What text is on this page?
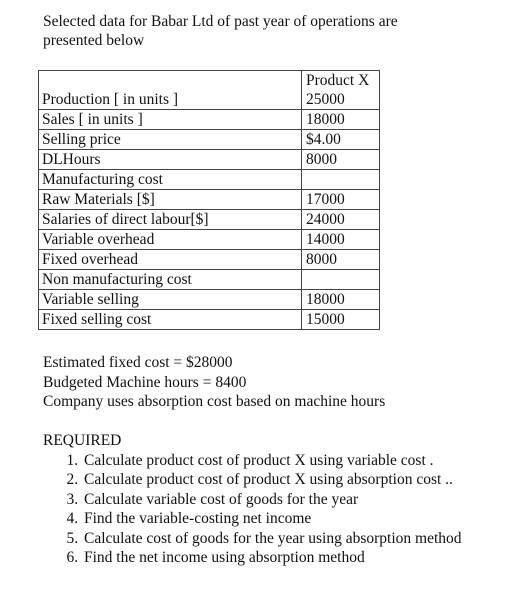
Selected data for Babar Ltd of past year of operations are

presented below

	Product X
Production [ in units ]	25000
Sales [ in units ]	18000
Selling price	$4.00
DLHours	8000
Manufacturing cost	
Raw Materials [$]	17000
Salaries of direct labour[$]	24000
Variable overhead	14000
Fixed overhead	8000
Non manufacturing cost	
Variable selling	18000
Fixed selling cost	15000

Estimated fixed cost = $28000

Budgeted Machine hours = 8400

Company uses absorption cost based on machine hours

REQUIRED

1. Calculate product cost of product X using variable cost .
2. Calculate product cost of product X using absorption cost ..
3. Calculate variable cost of goods for the year
4. Find the variable-costing net income
5. Calculate cost of goods for the year using absorption method
6. Find the net income using absorption method
